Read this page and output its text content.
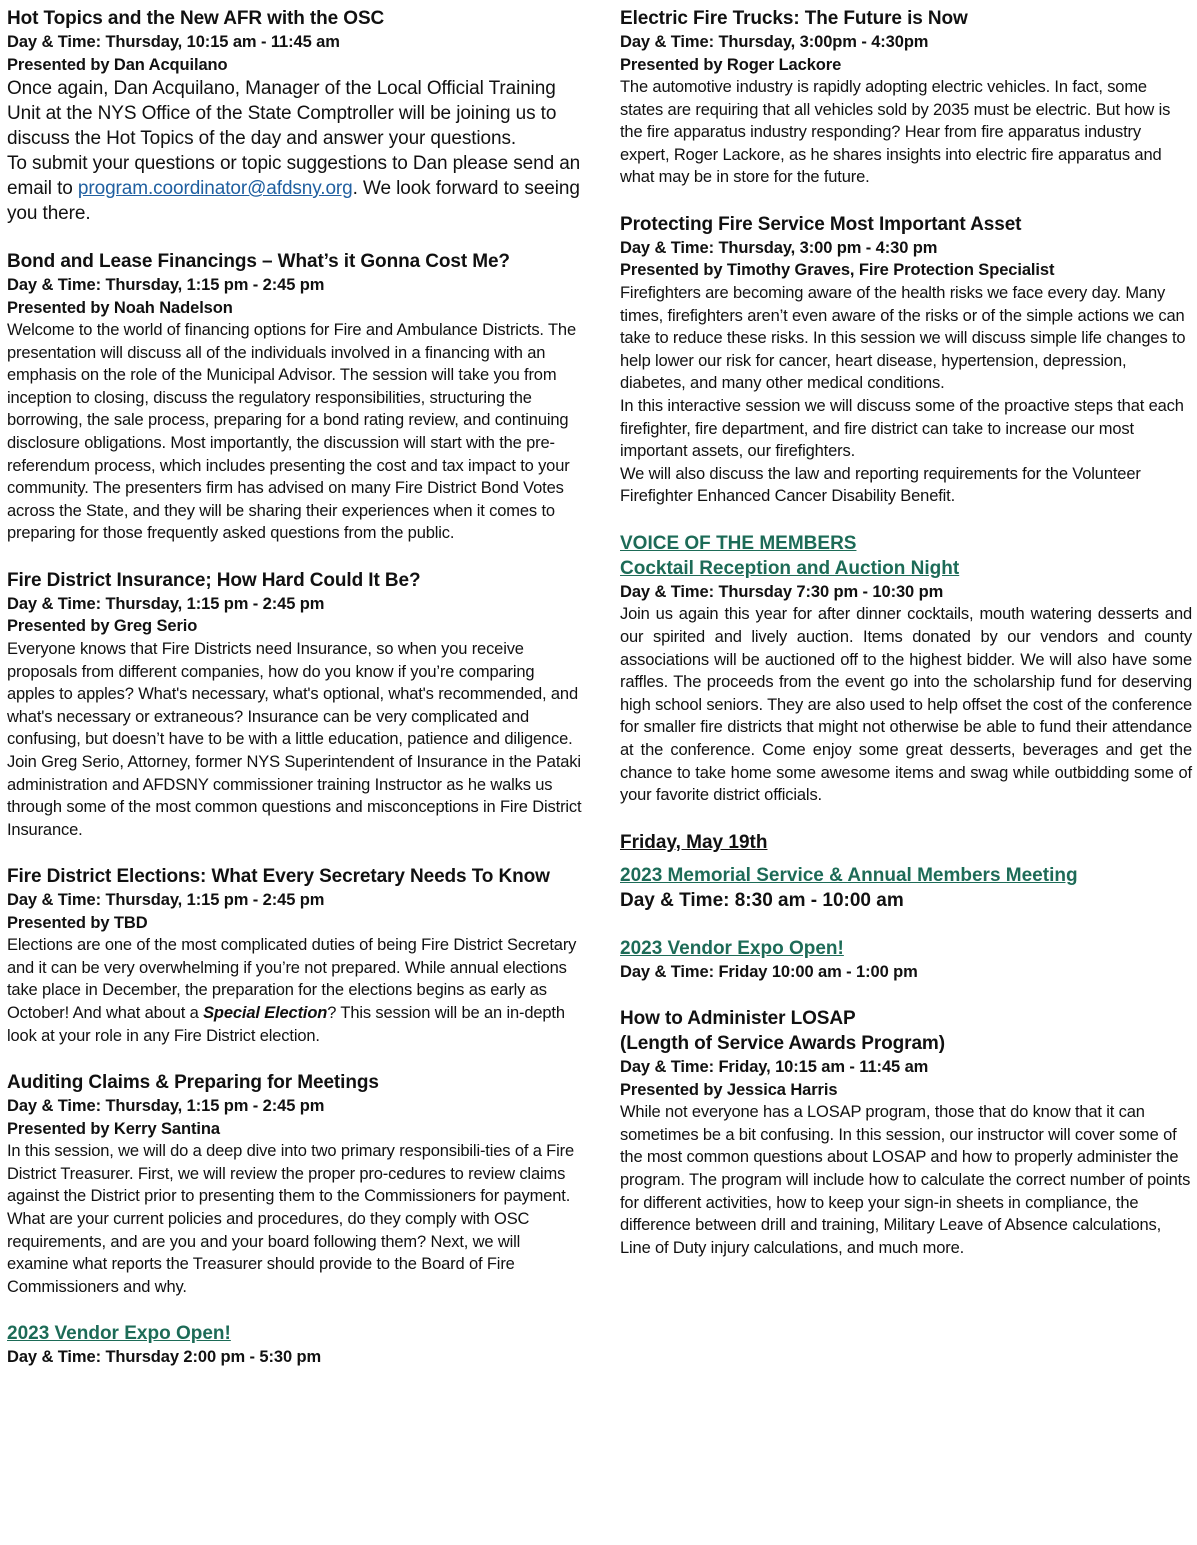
Hot Topics and the New AFR with the OSC

Day & Time: Thursday, 10:15 am - 11:45 am

Presented by Dan Acquilano

Once again, Dan Acquilano, Manager of the Local Official Training Unit at the NYS Office of the State Comptroller will be joining us to discuss the Hot Topics of the day and answer your questions.

To submit your questions or topic suggestions to Dan please send an email to program.coordinator@afdsny.org. We look forward to seeing you there.

Bond and Lease Financings – What’s it Gonna Cost Me?

Day & Time: Thursday, 1:15 pm - 2:45 pm

Presented by Noah Nadelson

Welcome to the world of financing options for Fire and Ambulance Districts. The presentation will discuss all of the individuals involved in a financing with an emphasis on the role of the Municipal Advisor. The session will take you from inception to closing, discuss the regulatory responsibilities, structuring the borrowing, the sale process, preparing for a bond rating review, and continuing disclosure obligations. Most importantly, the discussion will start with the pre-referendum process, which includes presenting the cost and tax impact to your community. The presenters firm has advised on many Fire District Bond Votes across the State, and they will be sharing their experiences when it comes to preparing for those frequently asked questions from the public.

Fire District Insurance; How Hard Could It Be?

Day & Time: Thursday, 1:15 pm - 2:45 pm

Presented by Greg Serio

Everyone knows that Fire Districts need Insurance, so when you receive proposals from different companies, how do you know if you’re comparing apples to apples? What's necessary, what's optional, what's recommended, and what's necessary or extraneous? Insurance can be very complicated and confusing, but doesn’t have to be with a little education, patience and diligence. Join Greg Serio, Attorney, former NYS Superintendent of Insurance in the Pataki administration and AFDSNY commissioner training Instructor as he walks us through some of the most common questions and misconceptions in Fire District Insurance.

Fire District Elections: What Every Secretary Needs To Know

Day & Time: Thursday, 1:15 pm - 2:45 pm

Presented by TBD

Elections are one of the most complicated duties of being Fire District Secretary and it can be very overwhelming if you’re not prepared. While annual elections take place in December, the preparation for the elections begins as early as October! And what about a Special Election? This session will be an in-depth look at your role in any Fire District election.

Auditing Claims & Preparing for Meetings

Day & Time: Thursday, 1:15 pm - 2:45 pm

Presented by Kerry Santina

In this session, we will do a deep dive into two primary responsibili-ties of a Fire District Treasurer. First, we will review the proper pro-cedures to review claims against the District prior to presenting them to the Commissioners for payment. What are your current policies and procedures, do they comply with OSC requirements, and are you and your board following them? Next, we will examine what reports the Treasurer should provide to the Board of Fire Commissioners and why.

2023 Vendor Expo Open!

Day & Time: Thursday 2:00 pm - 5:30 pm

Electric Fire Trucks: The Future is Now

Day & Time: Thursday, 3:00pm - 4:30pm

Presented by Roger Lackore

The automotive industry is rapidly adopting electric vehicles. In fact, some states are requiring that all vehicles sold by 2035 must be electric. But how is the fire apparatus industry responding? Hear from fire apparatus industry expert, Roger Lackore, as he shares insights into electric fire apparatus and what may be in store for the future.

Protecting Fire Service Most Important Asset

Day & Time: Thursday, 3:00 pm - 4:30 pm

Presented by Timothy Graves, Fire Protection Specialist

Firefighters are becoming aware of the health risks we face every day. Many times, firefighters aren’t even aware of the risks or of the simple actions we can take to reduce these risks. In this session we will discuss simple life changes to help lower our risk for cancer, heart disease, hypertension, depression, diabetes, and many other medical conditions.

In this interactive session we will discuss some of the proactive steps that each firefighter, fire department, and fire district can take to increase our most important assets, our firefighters.

We will also discuss the law and reporting requirements for the Volunteer Firefighter Enhanced Cancer Disability Benefit.

VOICE OF THE MEMBERS

Cocktail Reception and Auction Night

Day & Time: Thursday 7:30 pm - 10:30 pm

Join us again this year for after dinner cocktails, mouth watering desserts and our spirited and lively auction. Items donated by our vendors and county associations will be auctioned off to the highest bidder. We will also have some raffles. The proceeds from the event go into the scholarship fund for deserving high school seniors. They are also used to help offset the cost of the conference for smaller fire districts that might not otherwise be able to fund their attendance at the conference. Come enjoy some great desserts, beverages and get the chance to take home some awesome items and swag while outbidding some of your favorite district officials.

Friday, May 19th

2023 Memorial Service & Annual Members Meeting

Day & Time: 8:30 am - 10:00 am

2023 Vendor Expo Open!

Day & Time: Friday 10:00 am - 1:00 pm

How to Administer LOSAP

(Length of Service Awards Program)

Day & Time: Friday, 10:15 am - 11:45 am

Presented by Jessica Harris

While not everyone has a LOSAP program, those that do know that it can sometimes be a bit confusing. In this session, our instructor will cover some of the most common questions about LOSAP and how to properly administer the program. The program will include how to calculate the correct number of points for different activities, how to keep your sign-in sheets in compliance, the difference between drill and training, Military Leave of Absence calculations, Line of Duty injury calculations, and much more.
